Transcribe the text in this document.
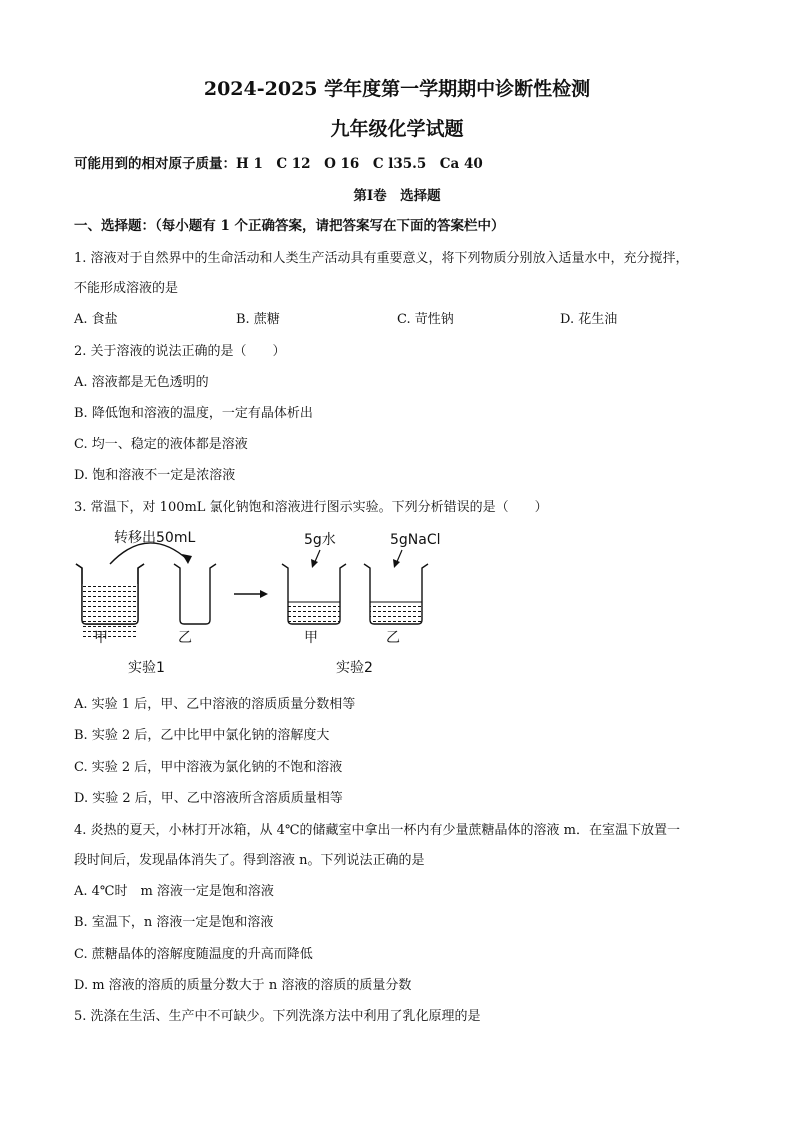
2024-2025 学年度第一学期期中诊断性检测
九年级化学试题
可能用到的相对原子质量：H 1　C 12　O 16　C l35.5　Ca 40
第Ⅰ卷　选择题
一、选择题：（每小题有 1 个正确答案，请把答案写在下面的答案栏中）
1. 溶液对于自然界中的生命活动和人类生产活动具有重要意义，将下列物质分别放入适量水中，充分搅拌，
不能形成溶液的是
A. 食盐	B. 蔗糖	C. 苛性钠	D. 花生油
2. 关于溶液的说法正确的是（　　）
A. 溶液都是无色透明的
B. 降低饱和溶液的温度，一定有晶体析出
C. 均一、稳定的液体都是溶液
D. 饱和溶液不一定是浓溶液
3. 常温下，对 100mL 氯化钠饱和溶液进行图示实验。下列分析错误的是（　　）
转移出50mL
甲	乙
实验1
5g水
甲
5gNaCl
乙
实验2
A. 实验 1 后，甲、乙中溶液的溶质质量分数相等
B. 实验 2 后，乙中比甲中氯化钠的溶解度大
C. 实验 2 后，甲中溶液为氯化钠的不饱和溶液
D. 实验 2 后，甲、乙中溶液所含溶质质量相等
4. 炎热的夏天，小林打开冰箱，从 4℃的储藏室中拿出一杯内有少量蔗糖晶体的溶液 m．在室温下放置一
段时间后，发现晶体消失了。得到溶液 n。下列说法正确的是
A. 4℃时　m 溶液一定是饱和溶液
B. 室温下，n 溶液一定是饱和溶液
C. 蔗糖晶体的溶解度随温度的升高而降低
D. m 溶液的溶质的质量分数大于 n 溶液的溶质的质量分数
5. 洗涤在生活、生产中不可缺少。下列洗涤方法中利用了乳化原理的是
